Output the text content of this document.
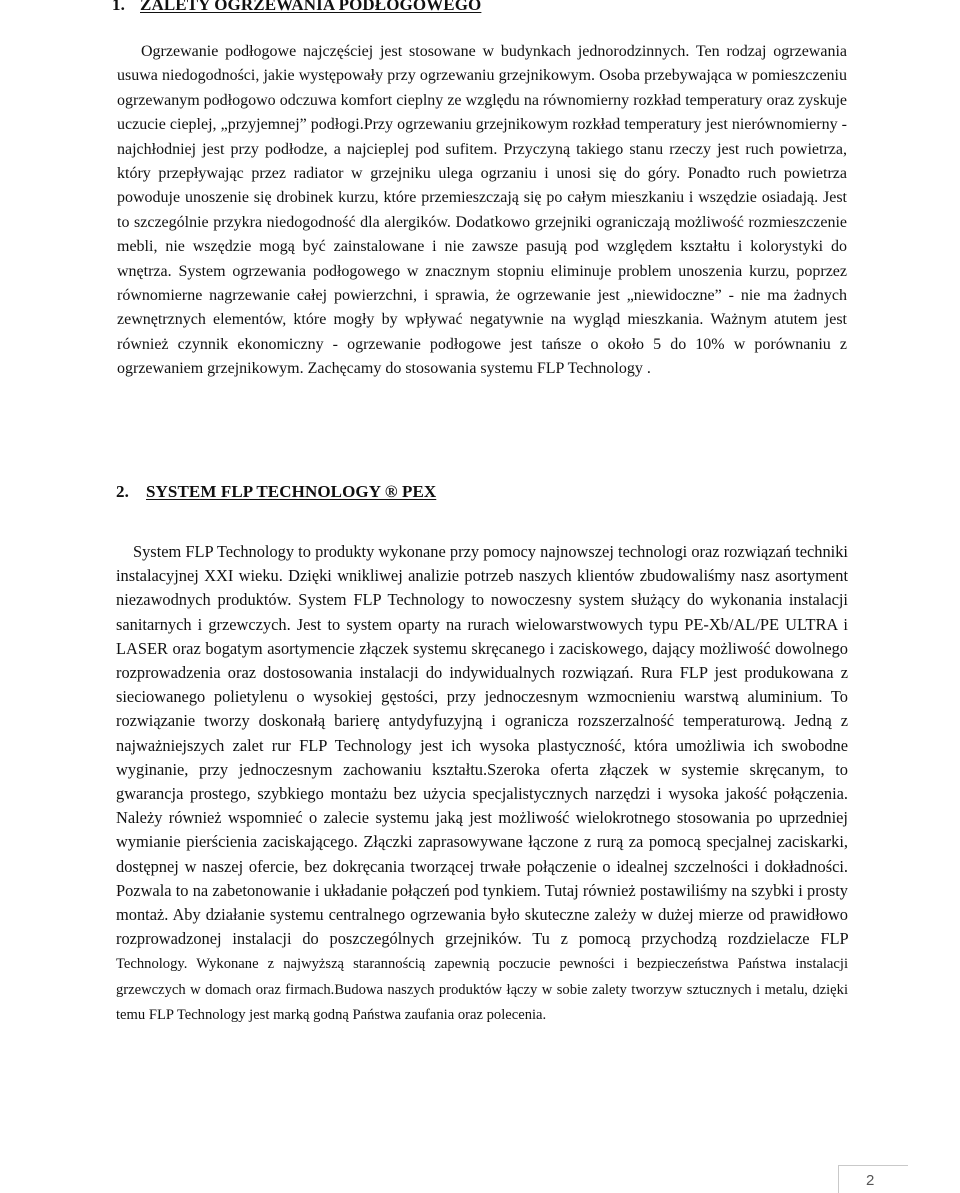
1. ZALETY OGRZEWANIA PODŁOGOWEGO

Ogrzewanie podłogowe najczęściej jest stosowane w budynkach jednorodzinnych. Ten rodzaj ogrzewania usuwa niedogodności, jakie występowały przy ogrzewaniu grzejnikowym. Osoba przebywająca w pomieszczeniu ogrzewanym podłogowo odczuwa komfort cieplny ze względu na równomierny rozkład temperatury oraz zyskuje uczucie cieplej, „przyjemnej” podłogi.Przy ogrzewaniu grzejnikowym rozkład temperatury jest nierównomierny - najchłodniej jest przy podłodze, a najcieplej pod sufitem. Przyczyną takiego stanu rzeczy jest ruch powietrza, który przepływając przez radiator w grzejniku ulega ogrzaniu i unosi się do góry. Ponadto ruch powietrza powoduje unoszenie się drobinek kurzu, które przemieszczają się po całym mieszkaniu i wszędzie osiadają. Jest to szczególnie przykra niedogodność dla alergików. Dodatkowo grzejniki ograniczają możliwość rozmieszczenie mebli, nie wszędzie mogą być zainstalowane i nie zawsze pasują pod względem kształtu i kolorystyki do wnętrza. System ogrzewania podłogowego w znacznym stopniu eliminuje problem unoszenia kurzu, poprzez równomierne nagrzewanie całej powierzchni, i sprawia, że ogrzewanie jest „niewidoczne” - nie ma żadnych zewnętrznych elementów, które mogły by wpływać negatywnie na wygląd mieszkania. Ważnym atutem jest również czynnik ekonomiczny - ogrzewanie podłogowe jest tańsze o około 5 do 10% w porównaniu z ogrzewaniem grzejnikowym. Zachęcamy do stosowania systemu FLP Technology .

2. SYSTEM FLP TECHNOLOGY ® PEX

System FLP Technology to produkty wykonane przy pomocy najnowszej technologi oraz rozwiązań techniki instalacyjnej XXI wieku. Dzięki wnikliwej analizie potrzeb naszych klientów zbudowaliśmy nasz asortyment niezawodnych produktów. System FLP Technology to nowoczesny system służący do wykonania instalacji sanitarnych i grzewczych. Jest to system oparty na rurach wielowarstwowych typu PE-Xb/AL/PE ULTRA i LASER oraz bogatym asortymencie złączek systemu skręcanego i zaciskowego, dający możliwość dowolnego rozprowadzenia oraz dostosowania instalacji do indywidualnych rozwiązań. Rura FLP jest produkowana z sieciowanego polietylenu o wysokiej gęstości, przy jednoczesnym wzmocnieniu warstwą aluminium. To rozwiązanie tworzy doskonałą barierę antydyfuzyjną i ogranicza rozszerzalność temperaturową. Jedną z najważniejszych zalet rur FLP Technology jest ich wysoka plastyczność, która umożliwia ich swobodne wyginanie, przy jednoczesnym zachowaniu kształtu.Szeroka oferta złączek w systemie skręcanym, to gwarancja prostego, szybkiego montażu bez użycia specjalistycznych narzędzi i wysoka jakość połączenia. Należy również wspomnieć o zalecie systemu jaką jest możliwość wielokrotnego stosowania po uprzedniej wymianie pierścienia zaciskającego. Złączki zaprasowywane łączone z rurą za pomocą specjalnej zaciskarki, dostępnej w naszej ofercie, bez dokręcania tworzącej trwałe połączenie o idealnej szczelności i dokładności. Pozwala to na zabetonowanie i układanie połączeń pod tynkiem. Tutaj również postawiliśmy na szybki i prosty montaż. Aby działanie systemu centralnego ogrzewania było skuteczne zależy w dużej mierze od prawidłowo rozprowadzonej instalacji do poszczególnych grzejników. Tu z pomocą przychodzą rozdzielacze FLP Technology. Wykonane z najwyższą starannością zapewnią poczucie pewności i bezpieczeństwa Państwa instalacji grzewczych w domach oraz firmach.Budowa naszych produktów łączy w sobie zalety tworzyw sztucznych i metalu, dzięki temu FLP Technology jest marką godną Państwa zaufania oraz polecenia.

2
